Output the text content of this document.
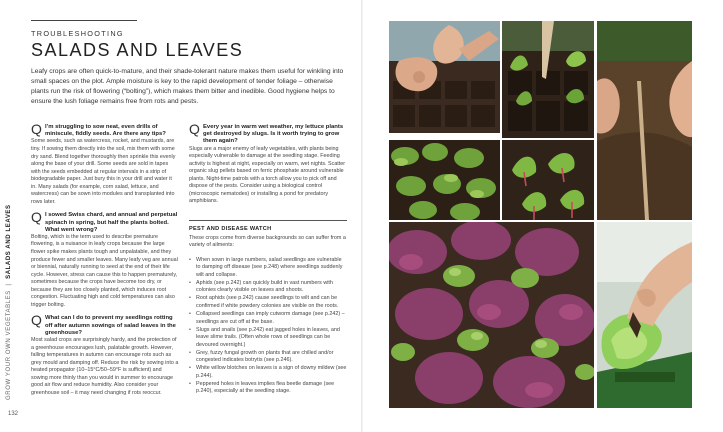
GROW YOUR OWN VEGETABLES  |  SALADS AND LEAVES
132
TROUBLESHOOTING
SALADS AND LEAVES

Leafy crops are often quick-to-mature, and their shade-tolerant nature makes them useful for winkling into small spaces on the plot. Ample moisture is key to the rapid development of tender foliage – otherwise plants run the risk of flowering (“bolting”), which makes them bitter and inedible. Good hygiene helps to ensure the lush foliage remains free from rots and pests.

Q I’m struggling to sow neat, even drills of miniscule, fiddly seeds. Are there any tips?

Some seeds, such as watercress, rocket, and mustards, are tiny. If sowing them directly into the soil, mix them with some dry sand. Blend together thoroughly then sprinkle this evenly along the base of your drill. Some seeds are sold in tapes with the seeds embedded at regular intervals in a strip of biodegradable paper. Just bury this in your drill and water it in. Many salads (for example, corn salad, lettuce, and watercress) can be sown into modules and transplanted into rows later.

Q I sowed Swiss chard, and annual and perpetual spinach in spring, but half the plants bolted. What went wrong?

Bolting, which is the term used to describe premature flowering, is a nuisance in leafy crops because the large flower spike makes plants tough and unpalatable, and they produce fewer and smaller leaves. Many leafy veg are annual or biennial, naturally running to seed at the end of their life cycle. However, stress can cause this to happen prematurely, sometimes because the crops have become too dry, or because they are too closely planted, which induces root congestion. Fluctuating high and cold temperatures can also trigger bolting.

Q What can I do to prevent my seedlings rotting off after autumn sowings of salad leaves in the greenhouse?

Most salad crops are surprisingly hardy, and the protection of a greenhouse encourages lush, palatable growth. However, falling temperatures in autumn can encourage rots such as grey mould and damping off. Reduce the risk by sowing into a heated propagator (10–15°C/50–59°F is sufficient) and sowing more thinly than you would in summer to encourage good air flow and reduce humidity. Also consider your greenhouse soil – it may need changing if rots reoccur.

Q Every year in warm wet weather, my lettuce plants get destroyed by slugs. Is it worth trying to grow them again?

Slugs are a major enemy of leafy vegetables, with plants being especially vulnerable to damage at the seedling stage. Feeding activity is highest at night, especially on warm, wet nights. Scatter organic slug pellets based on ferric phosphate around vulnerable plants. Night-time patrols with a torch allow you to pick off and dispose of the pests. Consider using a biological control (microscopic nematodes) or installing a pond for predatory amphibians.

PEST AND DISEASE WATCH

These crops come from diverse backgrounds so can suffer from a variety of ailments:

• When sown in large numbers, salad seedlings are vulnerable to damping off disease (see p.248) where seedlings suddenly wilt and collapse.
• Aphids (see p.242) can quickly build in vast numbers with colonies clearly visible on leaves and shoots.
• Root aphids (see p.242) cause seedlings to wilt and can be confirmed if white powdery colonies are visible on the roots.
• Collapsed seedlings can imply cutworm damage (see p.242) – seedlings are cut off at the base.
• Slugs and snails (see p.242) eat jagged holes in leaves, and leave slime trails. (Often whole rows of seedlings can be devoured overnight.)
• Grey, fuzzy fungal growth on plants that are chilled and/or congested indicates botrytis (see p.246).
• White willow blotches on leaves is a sign of downy mildew (see p.244).
• Peppered holes in leaves implies flea beetle damage (see p.240), especially at the seedling stage.
